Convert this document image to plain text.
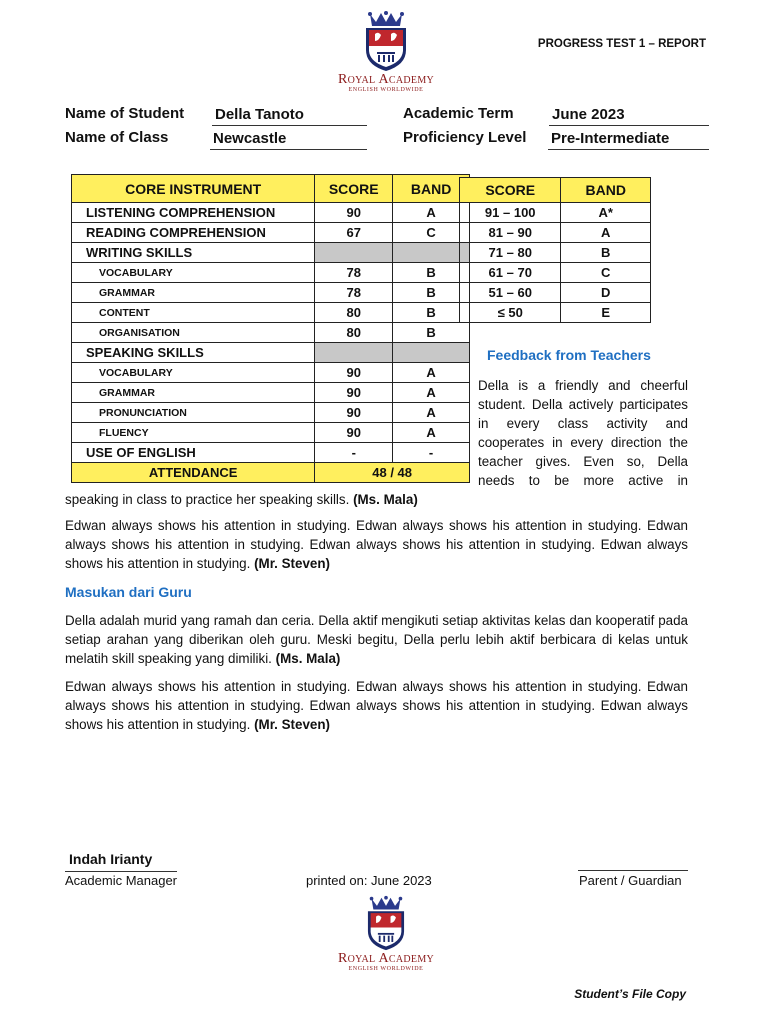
Royal Academy
ENGLISH WORLDWIDE
PROGRESS TEST 1 – REPORT
Name of Student Della Tanoto
Name of Class	Newcastle
Academic Term	June 2023
Proficiency Level Pre-Intermediate
CORE INSTRUMENT	SCORE	BAND
LISTENING COMPREHENSION	90	A
READING COMPREHENSION	67	C
WRITING SKILLS		
VOCABULARY	78	B
GRAMMAR	78	B
CONTENT	80	B
ORGANISATION	80	B
SPEAKING SKILLS		
VOCABULARY	90	A
GRAMMAR	90	A
PRONUNCIATION	90	A
FLUENCY	90	A
USE OF ENGLISH	-	-
ATTENDANCE	48 / 48	
SCORE	BAND
91 – 100	A*
81 – 90	A
71 – 80	B
61 – 70	C
51 – 60	D
≤ 50	E
Feedback from Teachers
Della is a friendly and cheerful student. Della actively participates in every class activity and cooperates in every direction the teacher gives. Even so, Della needs to be more active in speaking in class to practice her speaking skills. (Ms. Mala)
Edwan always shows his attention in studying. Edwan always shows his attention in studying. Edwan always shows his attention in studying. Edwan always shows his attention in studying. Edwan always shows his attention in studying. (Mr. Steven)
Masukan dari Guru
Della adalah murid yang ramah dan ceria. Della aktif mengikuti setiap aktivitas kelas dan kooperatif pada setiap arahan yang diberikan oleh guru. Meski begitu, Della perlu lebih aktif berbicara di kelas untuk melatih skill speaking yang dimiliki. (Ms. Mala)
Edwan always shows his attention in studying. Edwan always shows his attention in studying. Edwan always shows his attention in studying. Edwan always shows his attention in studying. Edwan always shows his attention in studying. (Mr. Steven)
Indah Irianty
Academic Manager	printed on: June 2023	Parent / Guardian
Royal Academy
ENGLISH WORLDWIDE
Student’s File Copy
